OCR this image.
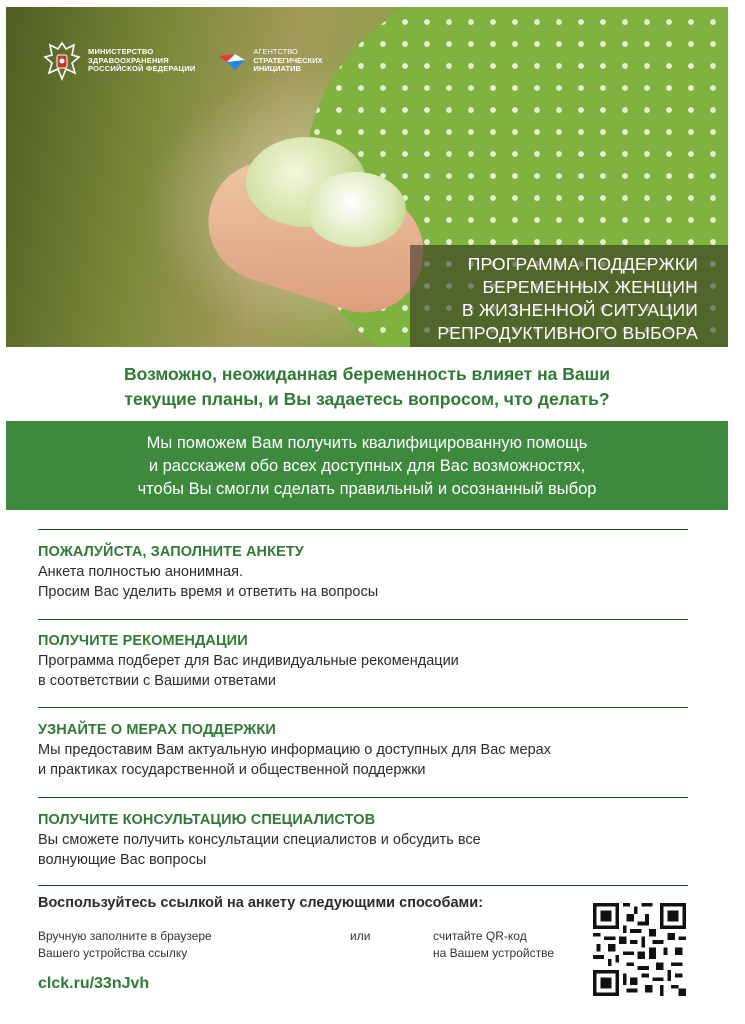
МИНИСТЕРСТВО
ЗДРАВООХРАНЕНИЯ
РОССИЙСКОЙ ФЕДЕРАЦИИ
АГЕНТСТВО
СТРАТЕГИЧЕСКИХ
ИНИЦИАТИВ
ПРОГРАММА ПОДДЕРЖКИ
БЕРЕМЕННЫХ ЖЕНЩИН
В ЖИЗНЕННОЙ СИТУАЦИИ
РЕПРОДУКТИВНОГО ВЫБОРА
Возможно, неожиданная беременность влияет на Ваши
текущие планы, и Вы задаетесь вопросом, что делать?
Мы поможем Вам получить квалифицированную помощь
и расскажем обо всех доступных для Вас возможностях,
чтобы Вы смогли сделать правильный и осознанный выбор
ПОЖАЛУЙСТА, ЗАПОЛНИТЕ АНКЕТУ
Анкета полностью анонимная.
Просим Вас уделить время и ответить на вопросы
ПОЛУЧИТЕ РЕКОМЕНДАЦИИ
Программа подберет для Вас индивидуальные рекомендации
в соответствии с Вашими ответами
УЗНАЙТЕ О МЕРАХ ПОДДЕРЖКИ
Мы предоставим Вам актуальную информацию о доступных для Вас мерах
и практиках государственной и общественной поддержки
ПОЛУЧИТЕ КОНСУЛЬТАЦИЮ СПЕЦИАЛИСТОВ
Вы сможете получить консультации специалистов и обсудить все
волнующие Вас вопросы
Воспользуйтесь ссылкой на анкету следующими способами:
Вручную заполните в браузере
Вашего устройства ссылку
или	считайте QR-код
на Вашем устройстве
clck.ru/33nJvh
